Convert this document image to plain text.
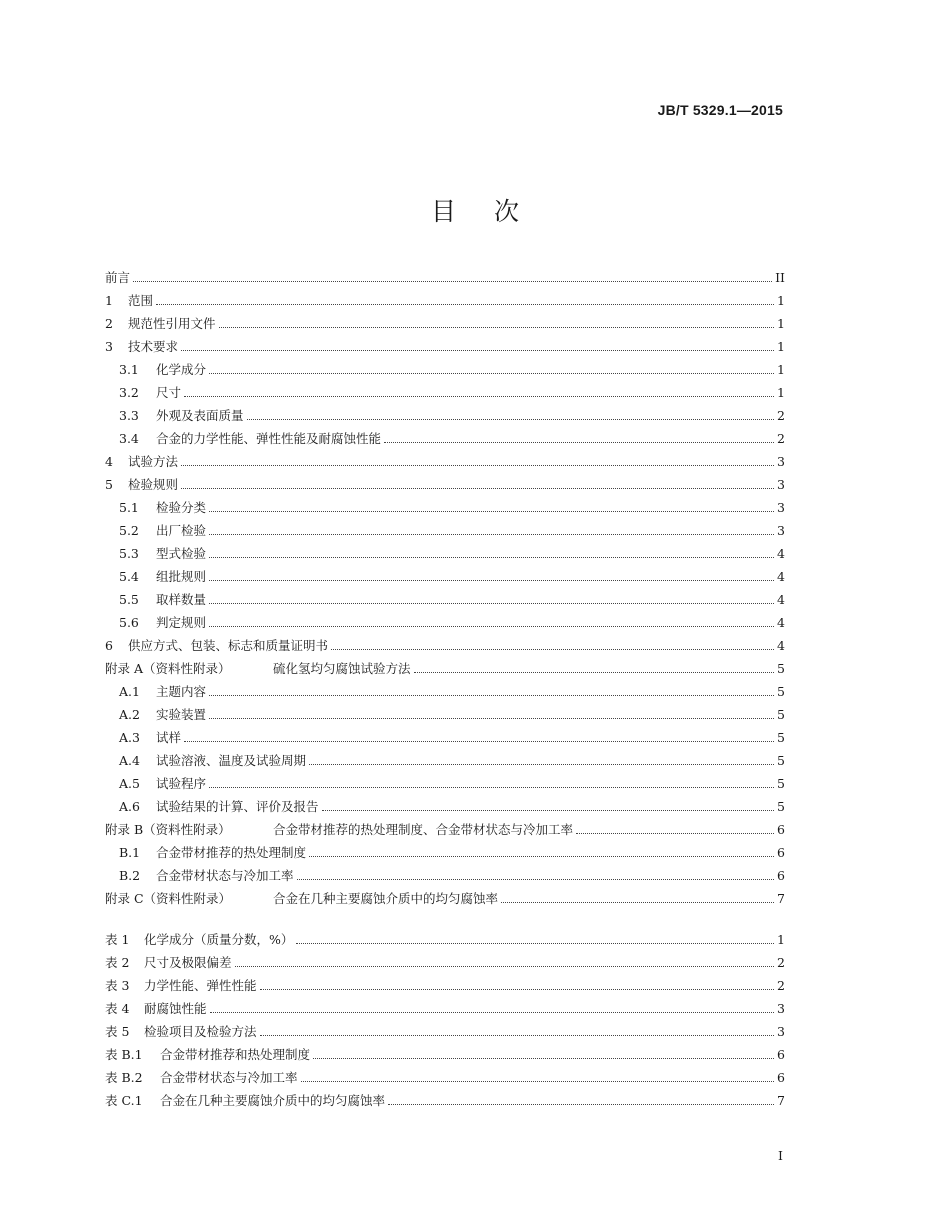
JB/T 5329.1—2015
目次
前言	II
1	范围	1
2	规范性引用文件	1
3	技术要求	1
3.1	化学成分	1
3.2	尺寸	1
3.3	外观及表面质量	2
3.4	合金的力学性能、弹性性能及耐腐蚀性能	2
4	试验方法	3
5	检验规则	3
5.1	检验分类	3
5.2	出厂检验	3
5.3	型式检验	4
5.4	组批规则	4
5.5	取样数量	4
5.6	判定规则	4
6	供应方式、包装、标志和质量证明书	4
附录 A（资料性附录）	硫化氢均匀腐蚀试验方法	5
A.1	主题内容	5
A.2	实验装置	5
A.3	试样	5
A.4	试验溶液、温度及试验周期	5
A.5	试验程序	5
A.6	试验结果的计算、评价及报告	5
附录 B（资料性附录）	合金带材推荐的热处理制度、合金带材状态与冷加工率	6
B.1	合金带材推荐的热处理制度	6
B.2	合金带材状态与冷加工率	6
附录 C（资料性附录）	合金在几种主要腐蚀介质中的均匀腐蚀率	7
表 1	化学成分（质量分数，%）	1
表 2	尺寸及极限偏差	2
表 3	力学性能、弹性性能	2
表 4	耐腐蚀性能	3
表 5	检验项目及检验方法	3
表 B.1	合金带材推荐和热处理制度	6
表 B.2	合金带材状态与冷加工率	6
表 C.1	合金在几种主要腐蚀介质中的均匀腐蚀率	7
I
